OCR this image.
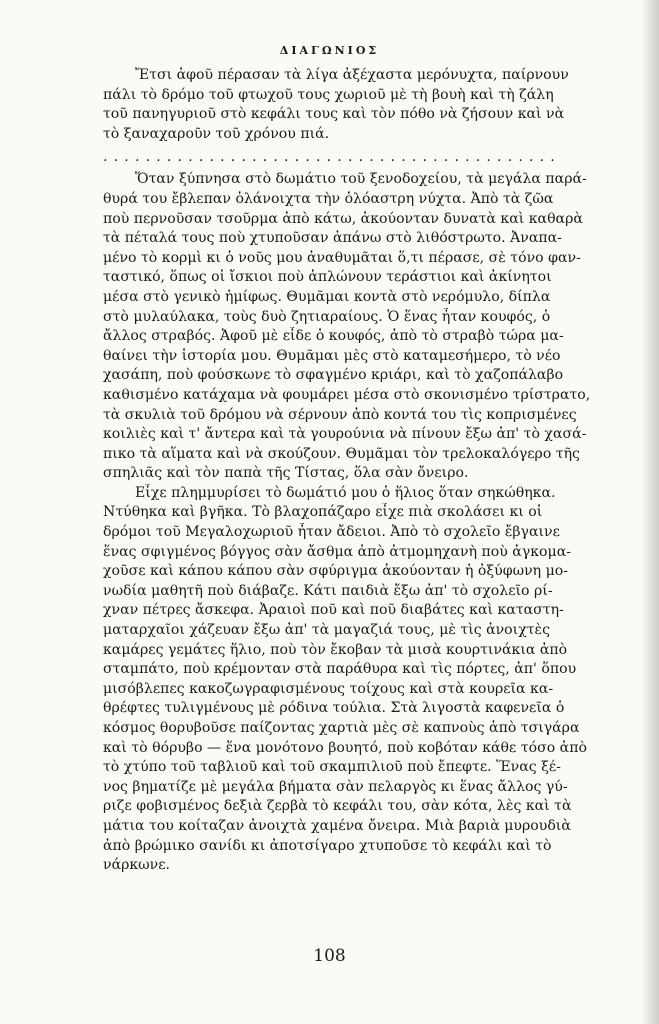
ΔΙΑΓΩΝΙΟΣ
Ἔτσι ἀφοῦ πέρασαν τὰ λίγα ἀξέχαστα μερόνυχτα, παίρνουν
πάλι τὸ δρόμο τοῦ φτωχοῦ τους χωριοῦ μὲ τὴ βουὴ καὶ τὴ ζάλη
τοῦ πανηγυριοῦ στὸ κεφάλι τους καὶ τὸν πόθο νὰ ζήσουν καὶ νὰ
τὸ ξαναχαροῦν τοῦ χρόνου πιά.
...........................................
Ὅταν ξύπνησα στὸ δωμάτιο τοῦ ξενοδοχείου, τὰ μεγάλα παρά-
θυρά του ἔβλεπαν ὁλάνοιχτα τὴν ὁλόαστρη νύχτα. Ἀπὸ τὰ ζῶα
ποὺ περνοῦσαν τσοῦρμα ἀπὸ κάτω, ἀκούονταν δυνατὰ καὶ καθαρὰ
τὰ πέταλά τους ποὺ χτυποῦσαν ἀπάνω στὸ λιθόστρωτο. Ἀναπα-
μένο τὸ κορμὶ κι ὁ νοῦς μου ἀναθυμᾶται ὅ,τι πέρασε, σὲ τόνο φαν-
ταστικό, ὅπως οἱ ἴσκιοι ποὺ ἁπλώνουν τεράστιοι καὶ ἀκίνητοι
μέσα στὸ γενικὸ ἡμίφως. Θυμᾶμαι κοντὰ στὸ νερόμυλο, δίπλα
στὸ μυλαύλακα, τοὺς δυὸ ζητιαραίους. Ὁ ἕνας ἦταν κουφός, ὁ
ἄλλος στραβός. Ἀφοῦ μὲ εἶδε ὁ κουφός, ἀπὸ τὸ στραβὸ τώρα μα-
θαίνει τὴν ἱστορία μου. Θυμᾶμαι μὲς στὸ καταμεσήμερο, τὸ νέο
χασάπη, ποὺ φούσκωνε τὸ σφαγμένο κριάρι, καὶ τὸ χαζοπάλαβο
καθισμένο κατάχαμα νὰ φουμάρει μέσα στὸ σκονισμένο τρίστρατο,
τὰ σκυλιὰ τοῦ δρόμου νὰ σέρνουν ἀπὸ κοντά του τὶς κοπρισμένες
κοιλιὲς καὶ τ' ἄντερα καὶ τὰ γουρούνια νὰ πίνουν ἔξω ἀπ' τὸ χασά-
πικο τὰ αἵματα καὶ νὰ σκούζουν. Θυμᾶμαι τὸν τρελοκαλόγερο τῆς
σπηλιᾶς καὶ τὸν παπὰ τῆς Τίστας, ὅλα σὰν ὄνειρο.
Εἶχε πλημμυρίσει τὸ δωμάτιό μου ὁ ἥλιος ὅταν σηκώθηκα.
Ντύθηκα καὶ βγῆκα. Τὸ βλαχοπάζαρο εἶχε πιὰ σκολάσει κι οἱ
δρόμοι τοῦ Μεγαλοχωριοῦ ἦταν ἄδειοι. Ἀπὸ τὸ σχολεῖο ἔβγαινε
ἕνας σφιγμένος βόγγος σὰν ἄσθμα ἀπὸ ἀτμομηχανὴ ποὺ ἀγκομα-
χοῦσε καὶ κάπου κάπου σὰν σφύριγμα ἀκούονταν ἡ ὀξύφωνη μο-
νωδία μαθητῆ ποὺ διάβαζε. Κάτι παιδιὰ ἔξω ἀπ' τὸ σχολεῖο ρί-
χναν πέτρες ἄσκεφα. Ἀραιοὶ ποῦ καὶ ποῦ διαβάτες καὶ καταστη-
ματαρχαῖοι χάζευαν ἔξω ἀπ' τὰ μαγαζιά τους, μὲ τὶς ἀνοιχτὲς
καμάρες γεμάτες ἥλιο, ποὺ τὸν ἔκοβαν τὰ μισὰ κουρτινάκια ἀπὸ
σταμπάτο, ποὺ κρέμονταν στὰ παράθυρα καὶ τὶς πόρτες, ἀπ' ὅπου
μισόβλεπες κακοζωγραφισμένους τοίχους καὶ στὰ κουρεῖα κα-
θρέφτες τυλιγμένους μὲ ρόδινα τούλια. Στὰ λιγοστὰ καφενεῖα ὁ
κόσμος θορυβοῦσε παίζοντας χαρτιὰ μὲς σὲ καπνοὺς ἀπὸ τσιγάρα
καὶ τὸ θόρυβο — ἕνα μονότονο βουητό, ποὺ κοβόταν κάθε τόσο ἀπὸ
τὸ χτύπο τοῦ ταβλιοῦ καὶ τοῦ σκαμπιλιοῦ ποὺ ἔπεφτε. Ἕνας ξέ-
νος βηματίζε μὲ μεγάλα βήματα σὰν πελαργὸς κι ἕνας ἄλλος γύ-
ριζε φοβισμένος δεξιὰ ζερβὰ τὸ κεφάλι του, σὰν κότα, λὲς καὶ τὰ
μάτια του κοίταζαν ἀνοιχτὰ χαμένα ὄνειρα. Μιὰ βαριὰ μυρουδιὰ
ἀπὸ βρώμικο σανίδι κι ἀποτσίγαρο χτυποῦσε τὸ κεφάλι καὶ τὸ
νάρκωνε.
108
